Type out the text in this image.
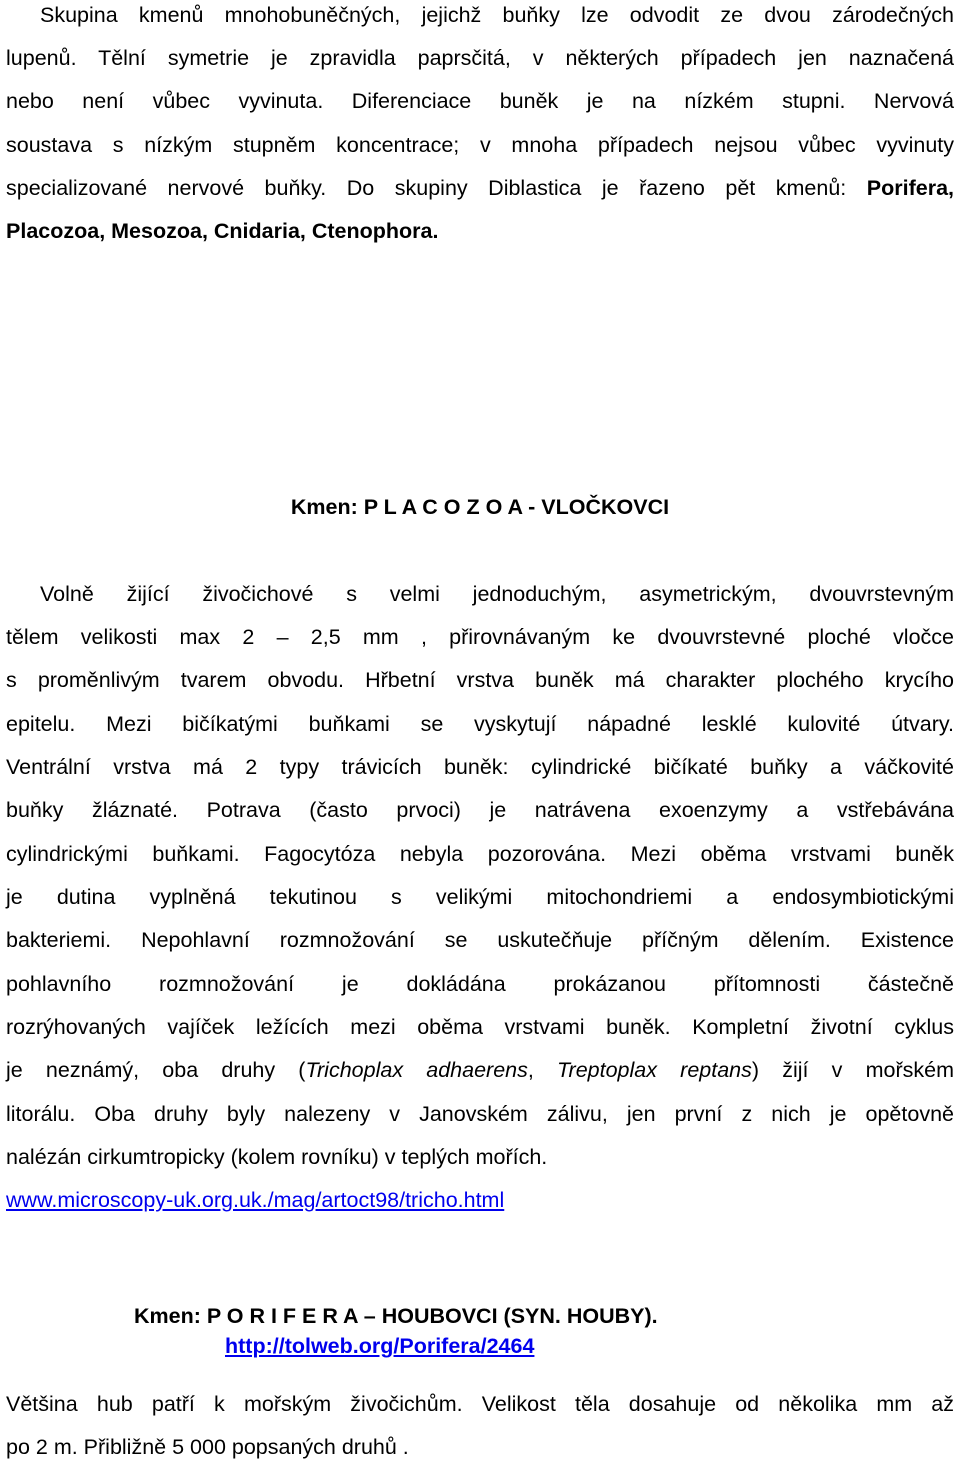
Skupina kmenů mnohobuněčných, jejichž buňky lze odvodit ze dvou zárodečných
lupenů. Tělní symetrie je zpravidla paprsčitá, v některých případech jen naznačená
nebo není vůbec vyvinuta. Diferenciace buněk je na nízkém stupni. Nervová
soustava s nízkým stupněm koncentrace; v mnoha případech nejsou vůbec vyvinuty
specializované nervové buňky. Do skupiny Diblastica je řazeno pět kmenů: Porifera,
Placozoa, Mesozoa, Cnidaria, Ctenophora.
Kmen: P L A C O Z O A - VLOČKOVCI
Volně žijící živočichové s velmi jednoduchým, asymetrickým, dvouvrstevným
tělem velikosti max 2 – 2,5 mm , přirovnávaným ke dvouvrstevné ploché vločce
s proměnlivým tvarem obvodu. Hřbetní vrstva buněk má charakter plochého krycího
epitelu. Mezi bičíkatými buňkami se vyskytují nápadné lesklé kulovité útvary.
Ventrální vrstva má 2 typy trávicích buněk: cylindrické bičíkaté buňky a váčkovité
buňky žláznaté. Potrava (často prvoci) je natrávena exoenzymy a vstřebávána
cylindrickými buňkami. Fagocytóza nebyla pozorována. Mezi oběma vrstvami buněk
je dutina vyplněná tekutinou s velikými mitochondriemi a endosymbiotickými
bakteriemi. Nepohlavní rozmnožování se uskutečňuje příčným dělením. Existence
pohlavního rozmnožování je dokládána prokázanou přítomnosti částečně
rozrýhovaných vajíček ležících mezi oběma vrstvami buněk. Kompletní životní cyklus
je neznámý, oba druhy (Trichoplax adhaerens, Treptoplax reptans) žijí v mořském
litorálu. Oba druhy byly nalezeny v Janovském zálivu, jen první z nich je opětovně
nalézán cirkumtropicky (kolem rovníku) v teplých mořích.
www.microscopy-uk.org.uk./mag/artoct98/tricho.html
Kmen: P O R I F E R A – HOUBOVCI (SYN. HOUBY).
http://tolweb.org/Porifera/2464
Většina hub patří k mořským živočichům. Velikost těla dosahuje od několika mm až
po 2 m. Přibližně 5 000 popsaných druhů .
